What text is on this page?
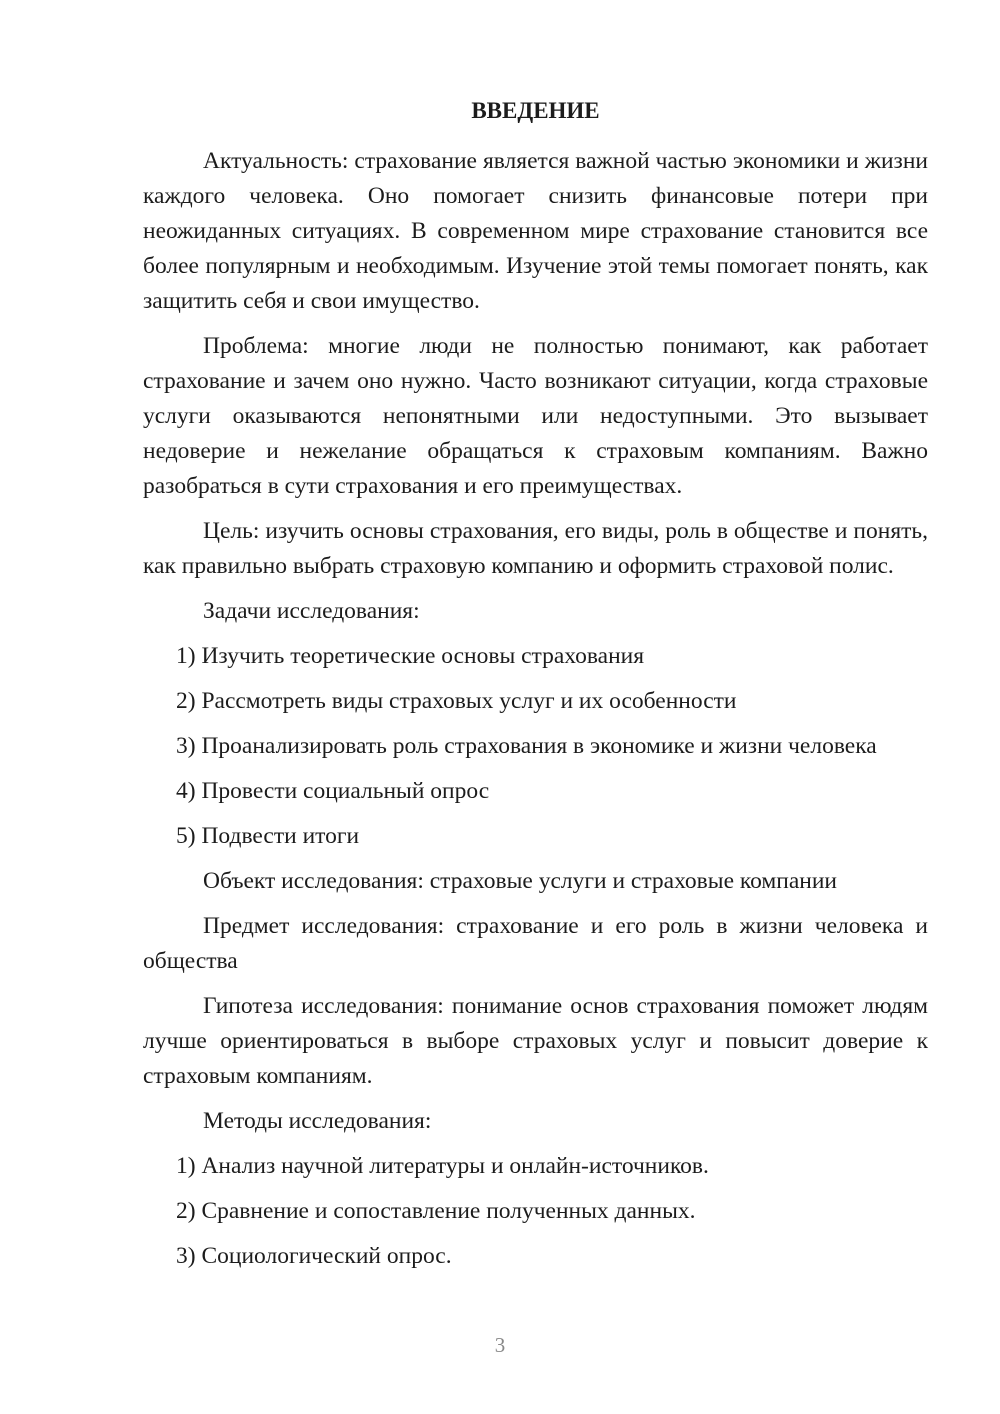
ВВЕДЕНИЕ

Актуальность: страхование является важной частью экономики и жизни каждого человека. Оно помогает снизить финансовые потери при неожиданных ситуациях. В современном мире страхование становится все более популярным и необходимым. Изучение этой темы помогает понять, как защитить себя и свои имущество.

Проблема: многие люди не полностью понимают, как работает страхование и зачем оно нужно. Часто возникают ситуации, когда страховые услуги оказываются непонятными или недоступными. Это вызывает недоверие и нежелание обращаться к страховым компаниям. Важно разобраться в сути страхования и его преимуществах.

Цель: изучить основы страхования, его виды, роль в обществе и понять, как правильно выбрать страховую компанию и оформить страховой полис.

Задачи исследования:

1) Изучить теоретические основы страхования

2) Рассмотреть виды страховых услуг и их особенности

3) Проанализировать роль страхования в экономике и жизни человека

4) Провести социальный опрос

5) Подвести итоги

Объект исследования: страховые услуги и страховые компании

Предмет исследования: страхование и его роль в жизни человека и общества

Гипотеза исследования: понимание основ страхования поможет людям лучше ориентироваться в выборе страховых услуг и повысит доверие к страховым компаниям.

Методы исследования:

1) Анализ научной литературы и онлайн-источников.

2) Сравнение и сопоставление полученных данных.

3) Социологический опрос.

3
